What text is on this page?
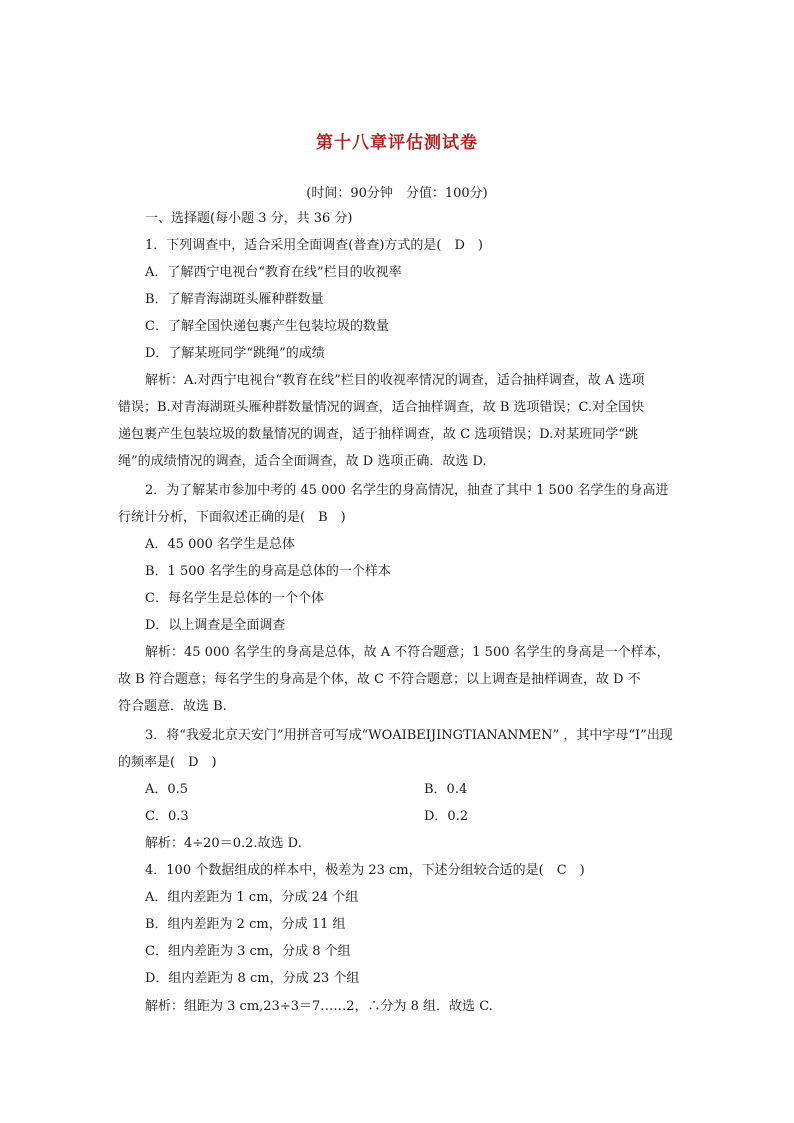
第十八章评估测试卷
(时间：90分钟　分值：100分)
一、选择题(每小题 3 分，共 36 分)
1．下列调查中，适合采用全面调查(普查)方式的是(　D　)
A．了解西宁电视台“教育在线”栏目的收视率
B．了解青海湖斑头雁种群数量
C．了解全国快递包裹产生包装垃圾的数量
D．了解某班同学“跳绳”的成绩
解析：A.对西宁电视台“教育在线”栏目的收视率情况的调查，适合抽样调查，故 A 选项
错误；B.对青海湖斑头雁种群数量情况的调查，适合抽样调查，故 B 选项错误；C.对全国快
递包裹产生包装垃圾的数量情况的调查，适于抽样调查，故 C 选项错误；D.对某班同学“跳
绳”的成绩情况的调查，适合全面调查，故 D 选项正确．故选 D.
2．为了解某市参加中考的 45 000 名学生的身高情况，抽查了其中 1 500 名学生的身高进
行统计分析，下面叙述正确的是(　B　)
A．45 000 名学生是总体
B．1 500 名学生的身高是总体的一个样本
C．每名学生是总体的一个个体
D．以上调查是全面调查
解析：45 000 名学生的身高是总体，故 A 不符合题意；1 500 名学生的身高是一个样本，
故 B 符合题意；每名学生的身高是个体，故 C 不符合题意；以上调查是抽样调查，故 D 不
符合题意．故选 B.
3．将“我爱北京天安门”用拼音可写成“WOAIBEIJINGTIANANMEN” ，其中字母“I”出现
的频率是(　D　)
A．0.5	B．0.4
C．0.3	D．0.2
解析：4÷20＝0.2.故选 D.
4．100 个数据组成的样本中，极差为 23 cm，下述分组较合适的是(　C　)
A．组内差距为 1 cm，分成 24 个组
B．组内差距为 2 cm，分成 11 组
C．组内差距为 3 cm，分成 8 个组
D．组内差距为 8 cm，分成 23 个组
解析：组距为 3 cm,23÷3＝7……2，∴分为 8 组．故选 C.
